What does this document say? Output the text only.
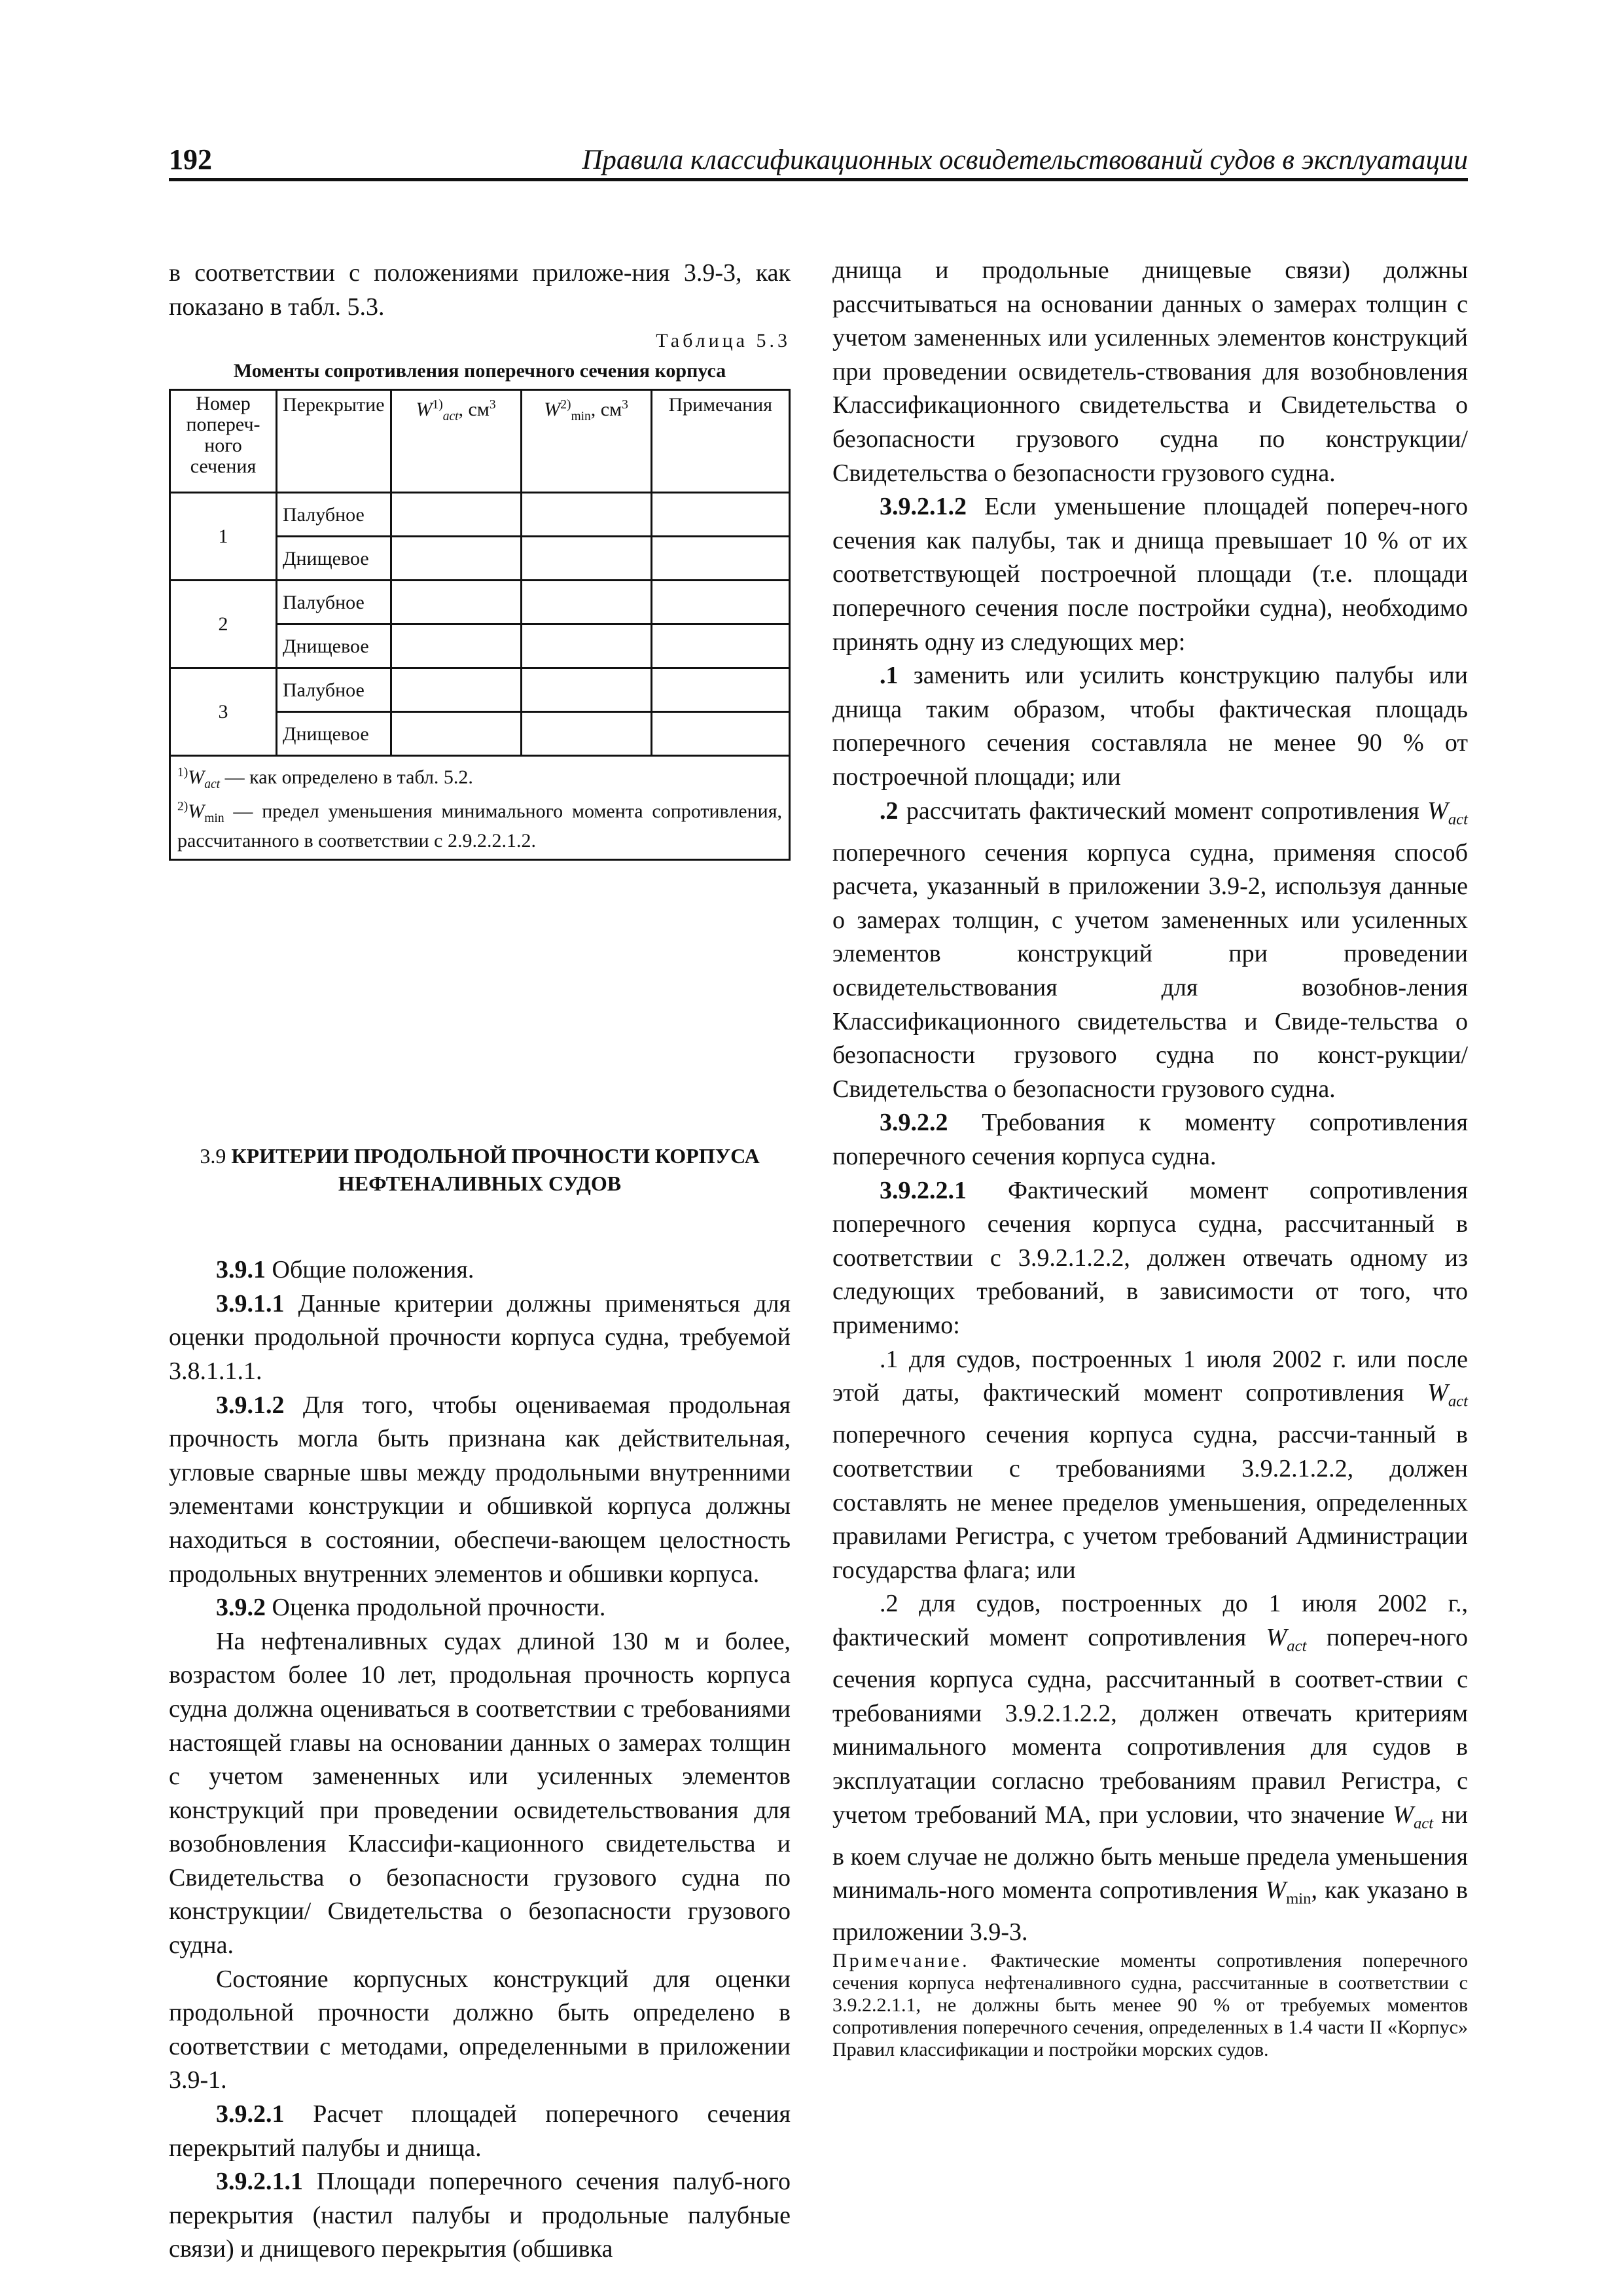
192	Правила классификационных освидетельствований судов в эксплуатации

в соответствии с положениями приложе-ния 3.9-3, как показано в табл. 5.3.

3.9 КРИТЕРИИ ПРОДОЛЬНОЙ ПРОЧНОСТИ КОРПУСА НЕФТЕНАЛИВНЫХ СУДОВ

3.9.1 Общие положения.

3.9.1.1 Данные критерии должны применяться для оценки продольной прочности корпуса судна, требуемой 3.8.1.1.1.

3.9.1.2 Для того, чтобы оцениваемая продольная прочность могла быть признана как действительная, угловые сварные швы между продольными внутренними элементами конструкции и обшивкой корпуса должны находиться в состоянии, обеспечи-вающем целостность продольных внутренних элементов и обшивки корпуса.

3.9.2 Оценка продольной прочности.

На нефтеналивных судах длиной 130 м и более, возрастом более 10 лет, продольная прочность корпуса судна должна оцениваться в соответствии с требованиями настоящей главы на основании данных о замерах толщин с учетом замененных или усиленных элементов конструкций при проведении освидетельствования для возобновления Классифи-кационного свидетельства и Свидетельства о безопасности грузового судна по конструкции/ Свидетельства о безопасности грузового судна.

Состояние корпусных конструкций для оценки продольной прочности должно быть определено в соответствии с методами, определенными в приложении 3.9-1.

3.9.2.1 Расчет площадей поперечного сечения перекрытий палубы и днища.

3.9.2.1.1 Площади поперечного сечения палуб-ного перекрытия (настил палубы и продольные палубные связи) и днищевого перекрытия (обшивка

Таблица 5.3
Моменты сопротивления поперечного сечения корпуса
Номер попереч-ного сечения	Перекрытие	$W^{1)}_{act}$, $см^3$	$W^{2)}_{min}$, $см^3$	Примечания
1	Палубное			
	Днищевое			
2	Палубное			
	Днищевое			
3	Палубное			
	Днищевое			

$^{1)}W_{act}$ — как определено в табл. 5.2.
$^{2)}W_{min}$ — предел уменьшения минимального момента сопротивления, рассчитанного в соответствии с 2.9.2.2.1.2.				

днища и продольные днищевые связи) должны рассчитываться на основании данных о замерах толщин с учетом замененных или усиленных элементов конструкций при проведении освидетель-ствования для возобновления Классификационного свидетельства и Свидетельства о безопасности грузового судна по конструкции/Свидетельства о безопасности грузового судна.

3.9.2.1.2 Если уменьшение площадей попереч-ного сечения как палубы, так и днища превышает 10 % от их соответствующей построечной площади (т.е. площади поперечного сечения после постройки судна), необходимо принять одну из следующих мер:

.1 заменить или усилить конструкцию палубы или днища таким образом, чтобы фактическая площадь поперечного сечения составляла не менее 90 % от построечной площади; или

.2 рассчитать фактический момент сопротивления $W_{act}$ поперечного сечения корпуса судна, применяя способ расчета, указанный в приложении 3.9-2, используя данные о замерах толщин, с учетом замененных или усиленных элементов конструкций при проведении освидетельствования для возобнов-ления Классификационного свидетельства и Свиде-тельства о безопасности грузового судна по конст-рукции/Свидетельства о безопасности грузового судна.

3.9.2.2 Требования к моменту сопротивления поперечного сечения корпуса судна.

3.9.2.2.1 Фактический момент сопротивления поперечного сечения корпуса судна, рассчитанный в соответствии с 3.9.2.1.2.2, должен отвечать одному из следующих требований, в зависимости от того, что применимо:

.1 для судов, построенных 1 июля 2002 г. или после этой даты, фактический момент сопротивления $W_{act}$ поперечного сечения корпуса судна, рассчи-танный в соответствии с требованиями 3.9.2.1.2.2, должен составлять не менее пределов уменьшения, определенных правилами Регистра, с учетом требований Администрации государства флага; или

.2 для судов, построенных до 1 июля 2002 г., фактический момент сопротивления $W_{act}$ попереч-ного сечения корпуса судна, рассчитанный в соответ-ствии с требованиями 3.9.2.1.2.2, должен отвечать критериям минимального момента сопротивления для судов в эксплуатации согласно требованиям правил Регистра, с учетом требований МА, при условии, что значение $W_{act}$ ни в коем случае не должно быть меньше предела уменьшения минималь-ного момента сопротивления $W_{min}$, как указано в приложении 3.9-3.

Примечание. Фактические моменты сопротивления поперечного сечения корпуса нефтеналивного судна, рассчитанные в соответствии с 3.9.2.2.1.1, не должны быть менее 90 % от требуемых моментов сопротивления поперечного сечения, определенных в 1.4 части II «Корпус» Правил классификации и постройки морских судов.
